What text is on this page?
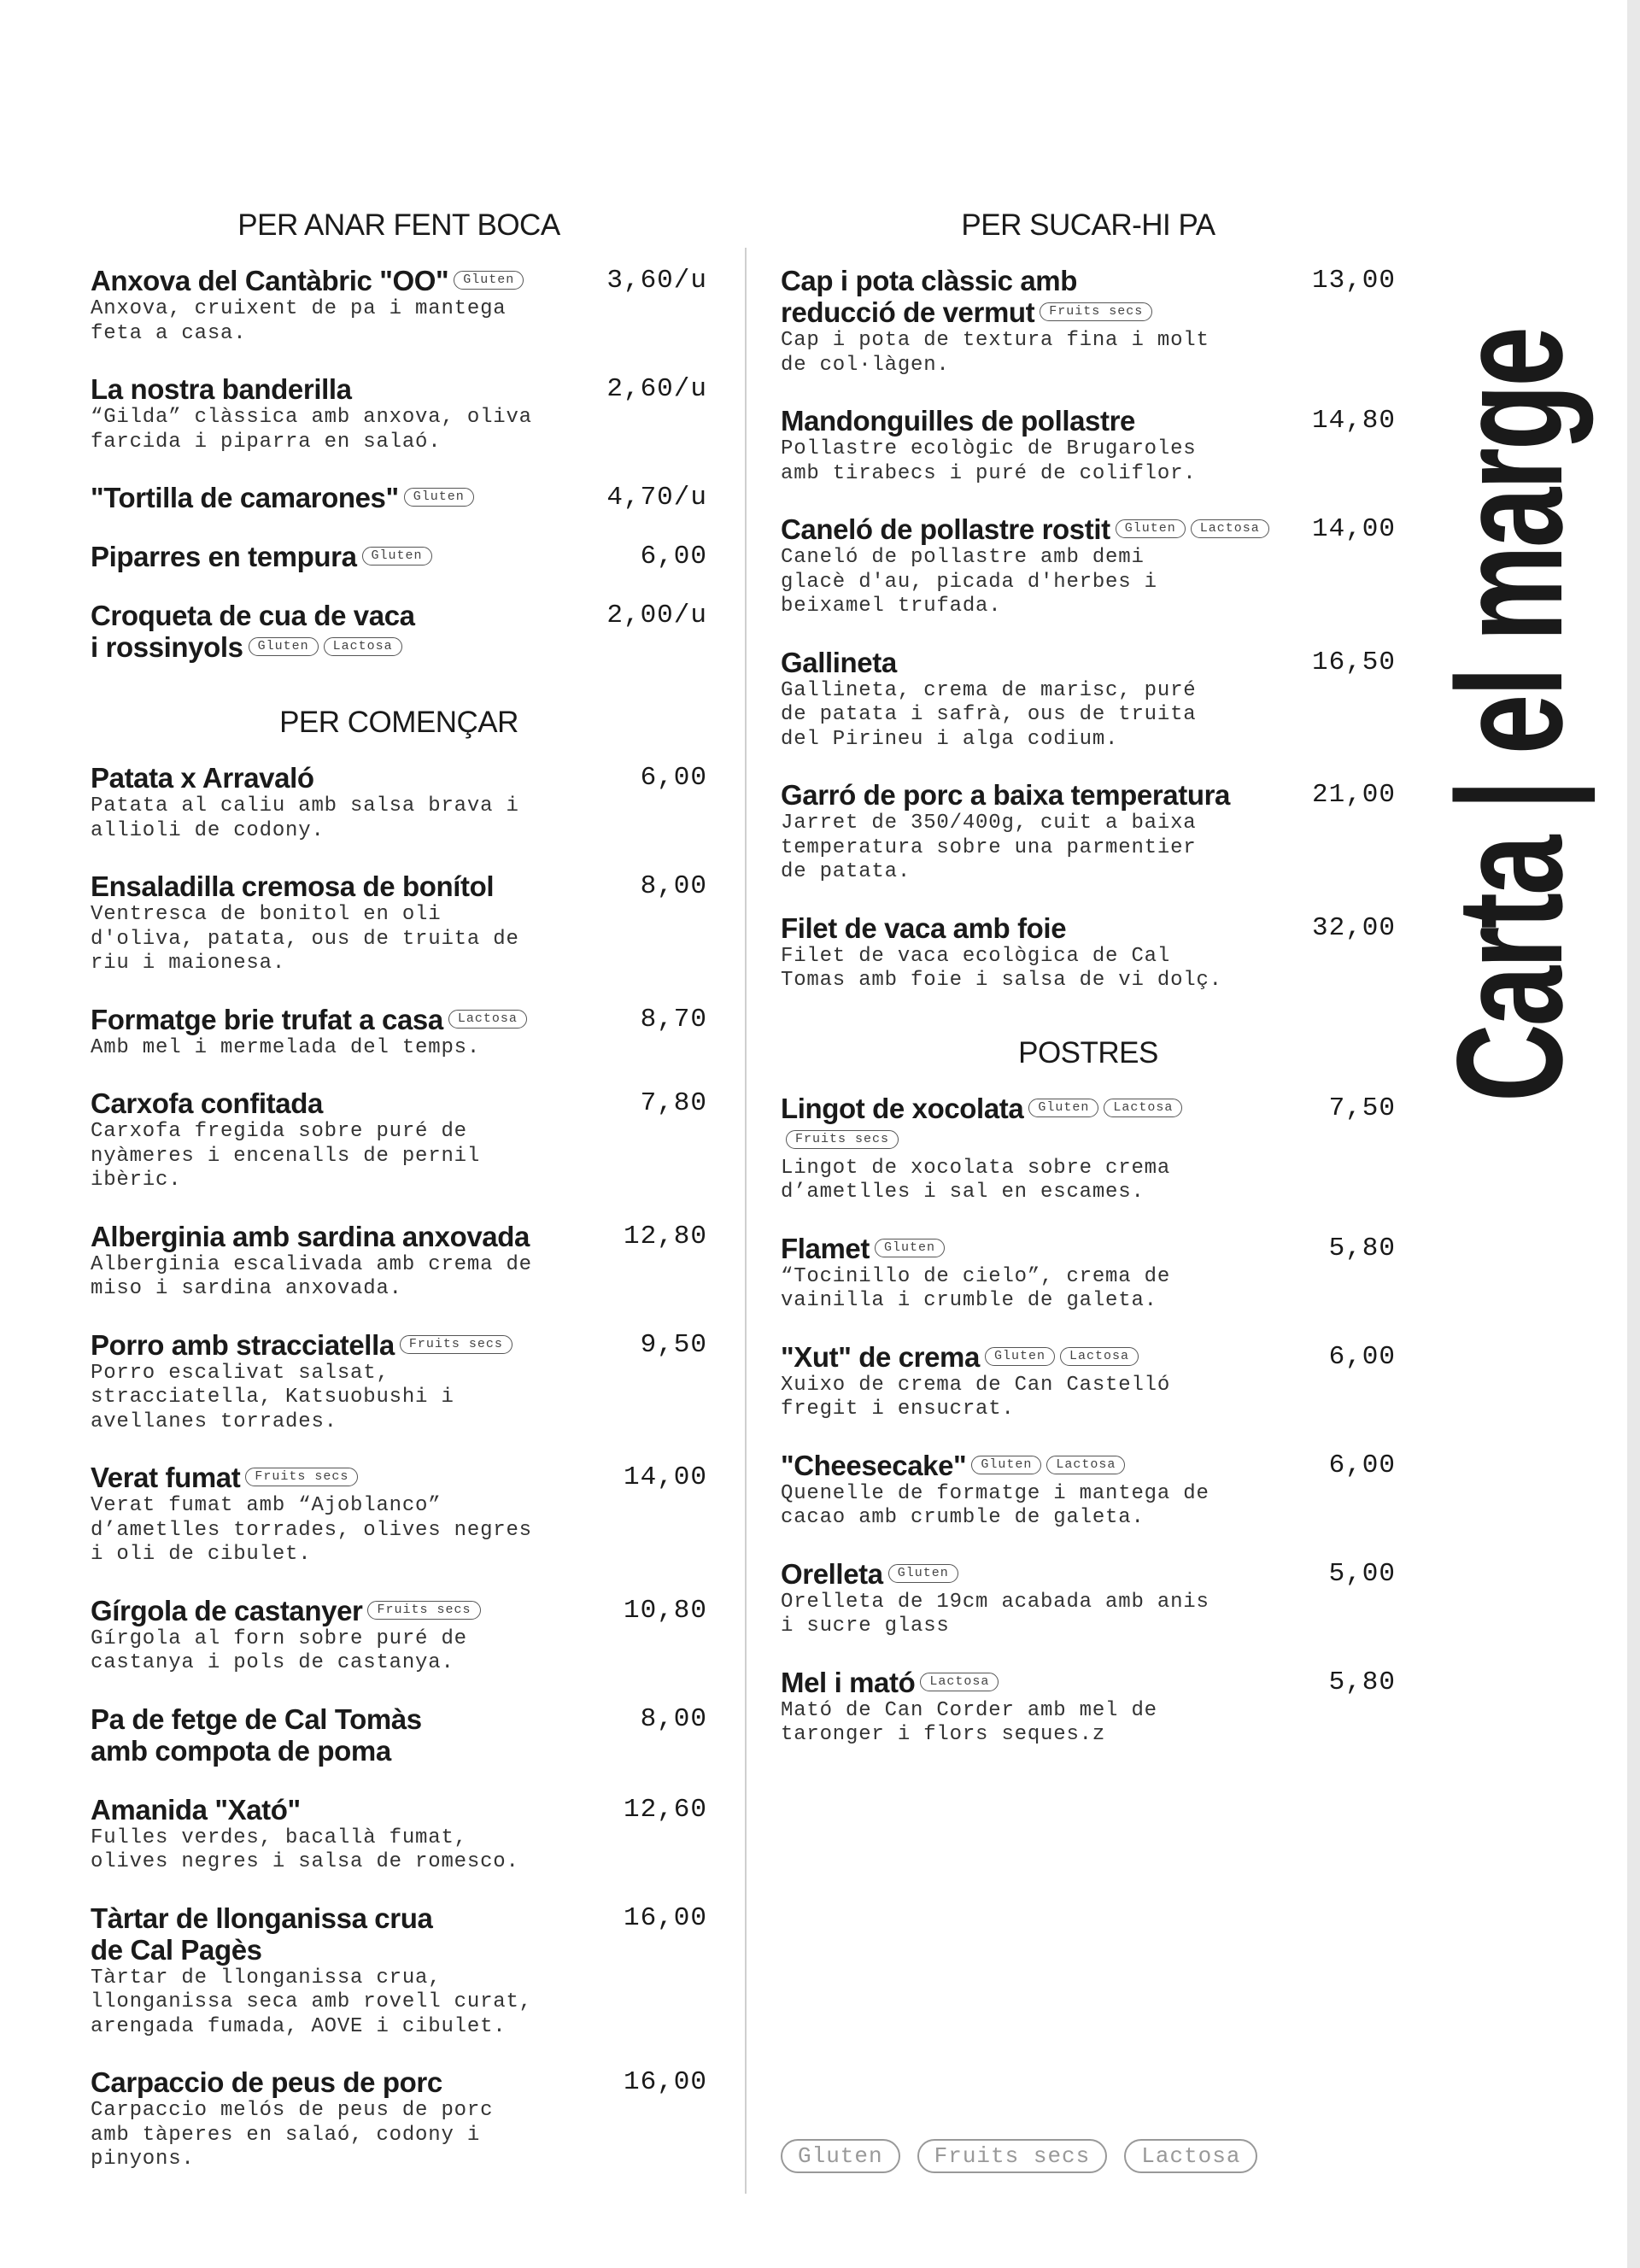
PER ANAR FENT BOCA
Anxova del Cantàbric "OO" Gluten	3,60/u
Anxova, cruixent de pa i mantega
feta a casa.
La nostra banderilla	2,60/u
“Gilda” clàssica amb anxova, oliva
farcida i piparra en salaó.
"Tortilla de camarones" Gluten	4,70/u
Piparres en tempura Gluten	6,00
Croqueta de cua de vaca
i rossinyols Gluten Lactosa
2,00/u
PER COMENÇAR
Patata x Arravaló	6,00
Patata al caliu amb salsa brava i
allioli de codony.
Ensaladilla cremosa de bonítol	8,00
Ventresca de bonitol en oli
d'oliva, patata, ous de truita de
riu i maionesa.
Formatge brie trufat a casa Lactosa	8,70
Amb mel i mermelada del temps.
Carxofa confitada	7,80
Carxofa fregida sobre puré de
nyàmeres i encenalls de pernil
ibèric.
Alberginia amb sardina anxovada	12,80
Alberginia escalivada amb crema de
miso i sardina anxovada.
Porro amb stracciatella Fruits secs	9,50
Porro escalivat salsat,
stracciatella, Katsuobushi i
avellanes torrades.
Verat fumat Fruits secs	14,00
Verat fumat amb “Ajoblanco”
d’ametlles torrades, olives negres
i oli de cibulet.
Gírgola de castanyer Fruits secs	10,80
Gírgola al forn sobre puré de
castanya i pols de castanya.
Pa de fetge de Cal Tomàs
amb compota de poma
8,00
Amanida "Xató"	12,60
Fulles verdes, bacallà fumat,
olives negres i salsa de romesco.
Tàrtar de llonganissa crua
de Cal Pagès
16,00
Tàrtar de llonganissa crua,
llonganissa seca amb rovell curat,
arengada fumada, AOVE i cibulet.
Carpaccio de peus de porc	16,00
Carpaccio melós de peus de porc
amb tàperes en salaó, codony i
pinyons.
PER SUCAR-HI PA
Cap i pota clàssic amb
reducció de vermut Fruits secs
13,00
Cap i pota de textura fina i molt
de col·làgen.
Mandonguilles de pollastre	14,80
Pollastre ecològic de Brugaroles
amb tirabecs i puré de coliflor.
Caneló de pollastre rostit Gluten Lactosa	14,00
Caneló de pollastre amb demi
glacè d'au, picada d'herbes i
beixamel trufada.
Gallineta	16,50
Gallineta, crema de marisc, puré
de patata i safrà, ous de truita
del Pirineu i alga codium.
Garró de porc a baixa temperatura	21,00
Jarret de 350/400g, cuit a baixa
temperatura sobre una parmentier
de patata.
Filet de vaca amb foie	32,00
Filet de vaca ecològica de Cal
Tomas amb foie i salsa de vi dolç.
POSTRES
Lingot de xocolata Gluten LactosaFruits secs
7,50
Lingot de xocolata sobre crema
d’ametlles i sal en escames.
Flamet Gluten	5,80
“Tocinillo de cielo”, crema de
vainilla i crumble de galeta.
"Xut" de crema Gluten Lactosa	6,00
Xuixo de crema de Can Castelló
fregit i ensucrat.
"Cheesecake" Gluten Lactosa	6,00
Quenelle de formatge i mantega de
cacao amb crumble de galeta.
Orelleta Gluten	5,00
Orelleta de 19cm acabada amb anis
i sucre glass
Mel i mató Lactosa	5,80
Mató de Can Corder amb mel de
taronger i flors seques.z
Gluten	Fruits secs	Lactosa
Carta | el marge
